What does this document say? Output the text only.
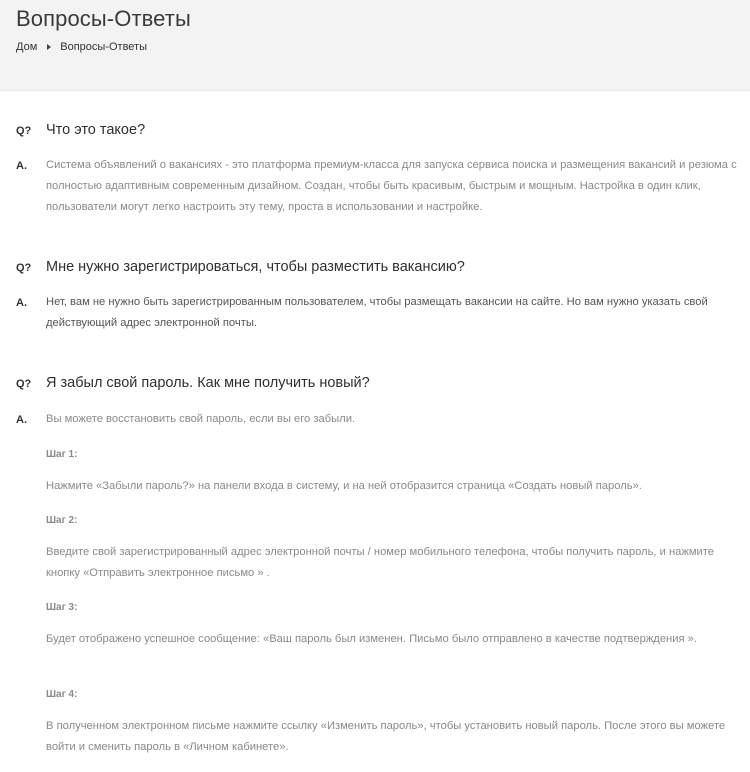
Вопросы-Ответы
Дом Вопросы-Ответы
Q? Что это такое?
A. Система объявлений о вакансиях - это платформа премиум-класса для запуска сервиса поиска и размещения вакансий и резюма с полностью адаптивным современным дизайном. Создан, чтобы быть красивым, быстрым и мощным. Настройка в один клик, пользователи могут легко настроить эту тему, проста в использовании и настройке.
Q? Мне нужно зарегистрироваться, чтобы разместить вакансию?
A. Нет, вам не нужно быть зарегистрированным пользователем, чтобы размещать вакансии на сайте. Но вам нужно указать свой действующий адрес электронной почты.
Q? Я забыл свой пароль. Как мне получить новый?
A. Вы можете восстановить свой пароль, если вы его забыли.
Шаг 1:
Нажмите «Забыли пароль?» на панели входа в систему, и на ней отобразится страница «Создать новый пароль».
Шаг 2:
Введите свой зарегистрированный адрес электронной почты / номер мобильного телефона, чтобы получить пароль, и нажмите кнопку «Отправить электронное письмо » .
Шаг 3:
Будет отображено успешное сообщение: «Ваш пароль был изменен. Письмо было отправлено в качестве подтверждения ».
Шаг 4:
В полученном электронном письме нажмите ссылку «Изменить пароль», чтобы установить новый пароль. После этого вы можете войти и сменить пароль в «Личном кабинете».
